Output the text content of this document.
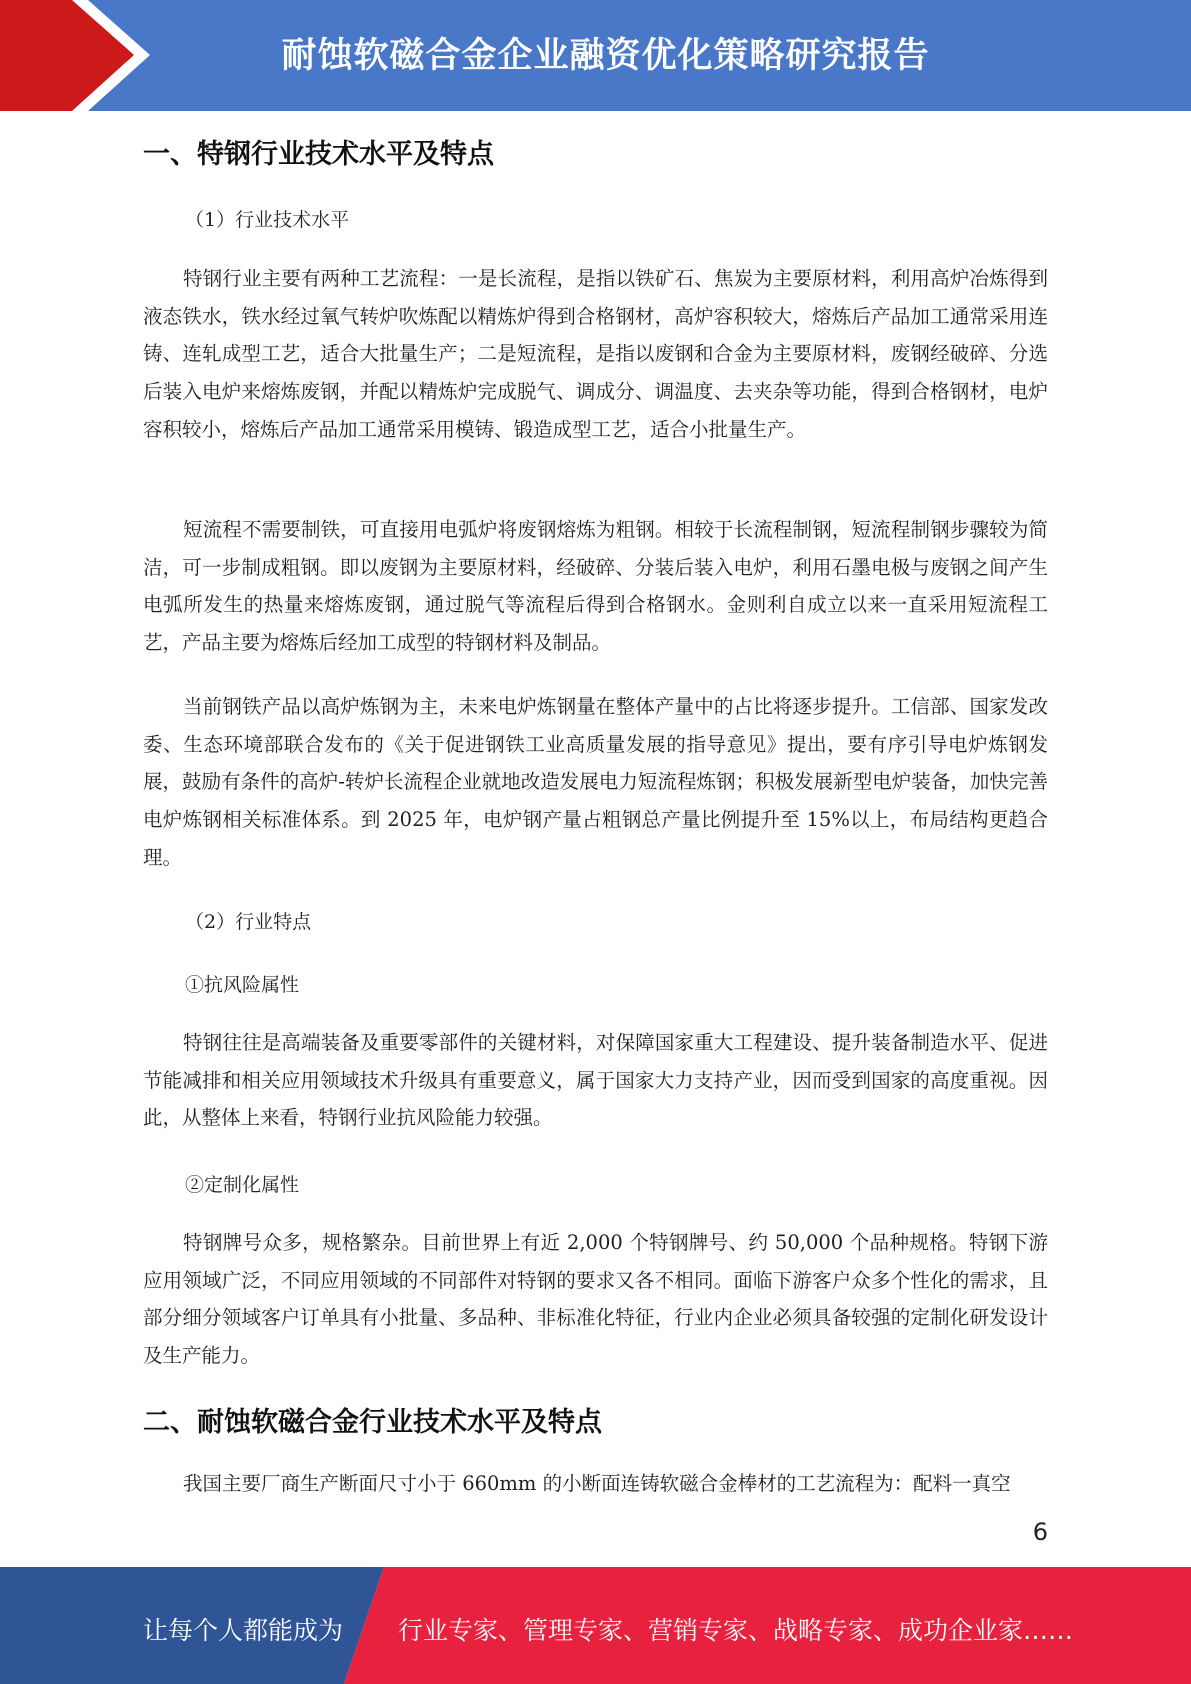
耐蚀软磁合金企业融资优化策略研究报告
一、特钢行业技术水平及特点
（1）行业技术水平
特钢行业主要有两种工艺流程：一是长流程，是指以铁矿石、焦炭为主要原材料，利用高炉冶炼得到液态铁水，铁水经过氧气转炉吹炼配以精炼炉得到合格钢材，高炉容积较大，熔炼后产品加工通常采用连铸、连轧成型工艺，适合大批量生产；二是短流程，是指以废钢和合金为主要原材料，废钢经破碎、分选后装入电炉来熔炼废钢，并配以精炼炉完成脱气、调成分、调温度、去夹杂等功能，得到合格钢材，电炉容积较小，熔炼后产品加工通常采用模铸、锻造成型工艺，适合小批量生产。
短流程不需要制铁，可直接用电弧炉将废钢熔炼为粗钢。相较于长流程制钢，短流程制钢步骤较为简洁，可一步制成粗钢。即以废钢为主要原材料，经破碎、分装后装入电炉，利用石墨电极与废钢之间产生电弧所发生的热量来熔炼废钢，通过脱气等流程后得到合格钢水。金则利自成立以来一直采用短流程工艺，产品主要为熔炼后经加工成型的特钢材料及制品。
当前钢铁产品以高炉炼钢为主，未来电炉炼钢量在整体产量中的占比将逐步提升。工信部、国家发改委、生态环境部联合发布的《关于促进钢铁工业高质量发展的指导意见》提出，要有序引导电炉炼钢发展，鼓励有条件的高炉-转炉长流程企业就地改造发展电力短流程炼钢；积极发展新型电炉装备，加快完善电炉炼钢相关标准体系。到 2025 年，电炉钢产量占粗钢总产量比例提升至 15%以上，布局结构更趋合理。
（2）行业特点
①抗风险属性
特钢往往是高端装备及重要零部件的关键材料，对保障国家重大工程建设、提升装备制造水平、促进节能减排和相关应用领域技术升级具有重要意义，属于国家大力支持产业，因而受到国家的高度重视。因此，从整体上来看，特钢行业抗风险能力较强。
②定制化属性
特钢牌号众多，规格繁杂。目前世界上有近 2,000 个特钢牌号、约 50,000 个品种规格。特钢下游应用领域广泛，不同应用领域的不同部件对特钢的要求又各不相同。面临下游客户众多个性化的需求，且部分细分领域客户订单具有小批量、多品种、非标准化特征，行业内企业必须具备较强的定制化研发设计及生产能力。
二、耐蚀软磁合金行业技术水平及特点
我国主要厂商生产断面尺寸小于 660mm 的小断面连铸软磁合金棒材的工艺流程为：配料一真空
6
让每个人都能成为 行业专家、管理专家、营销专家、战略专家、成功企业家……
